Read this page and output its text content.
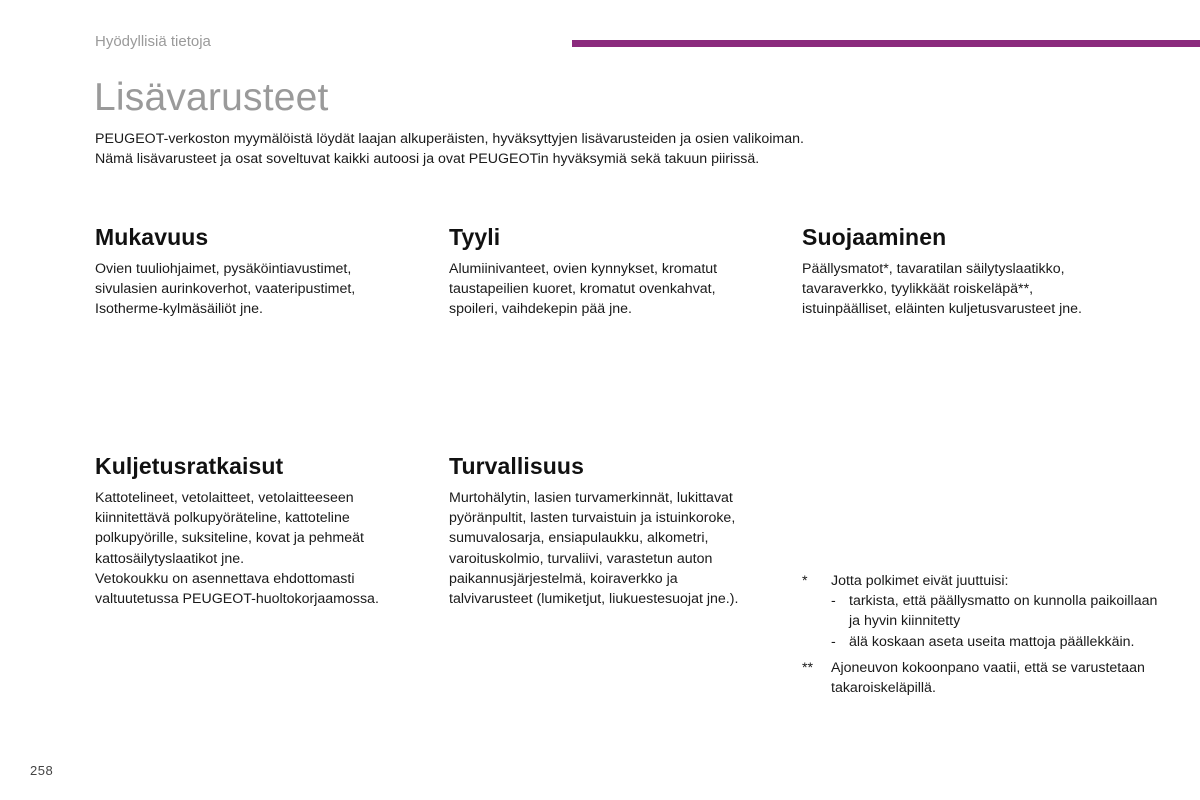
Hyödyllisiä tietoja
Lisävarusteet

PEUGEOT-verkoston myymälöistä löydät laajan alkuperäisten, hyväksyttyjen lisävarusteiden ja osien valikoiman.

Nämä lisävarusteet ja osat soveltuvat kaikki autoosi ja ovat PEUGEOTin hyväksymiä sekä takuun piirissä.

Mukavuus
Ovien tuuliohjaimet, pysäköintiavustimet,
sivulasien aurinkoverhot, vaateripustimet,
Isotherme-kylmäsäiliöt jne.
Tyyli
Alumiinivanteet, ovien kynnykset, kromatut
taustapeilien kuoret, kromatut ovenkahvat,
spoileri, vaihdekepin pää jne.
Suojaaminen
Päällysmatot*, tavaratilan säilytyslaatikko,
tavaraverkko, tyylikkäät roiskeläpä**,
istuinpäälliset, eläinten kuljetusvarusteet jne.
Kuljetusratkaisut
Kattotelineet, vetolaitteet, vetolaitteeseen
kiinnitettävä polkupyöräteline, kattoteline
polkupyörille, suksiteline, kovat ja pehmeät
kattosäilytyslaatikot jne.
Vetokoukku on asennettava ehdottomasti
valtuutetussa PEUGEOT-huoltokorjaamossa.
Turvallisuus
Murtohälytin, lasien turvamerkinnät, lukittavat
pyöränpultit, lasten turvaistuin ja istuinkoroke,
sumuvalosarja, ensiapulaukku, alkometri,
varoituskolmio, turvaliivi, varastetun auton
paikannusjärjestelmä, koiraverkko ja
talvivarusteet (lumiketjut, liukuestesuojat jne.).
*	Jotta polkimet eivät juuttuisi:
- tarkista, että päällysmatto on kunnolla paikoillaan ja hyvin kiinnitetty
- älä koskaan aseta useita mattoja päällekkäin.
**	Ajoneuvon kokoonpano vaatii, että se varustetaan takaroiskeläpillä.
258
